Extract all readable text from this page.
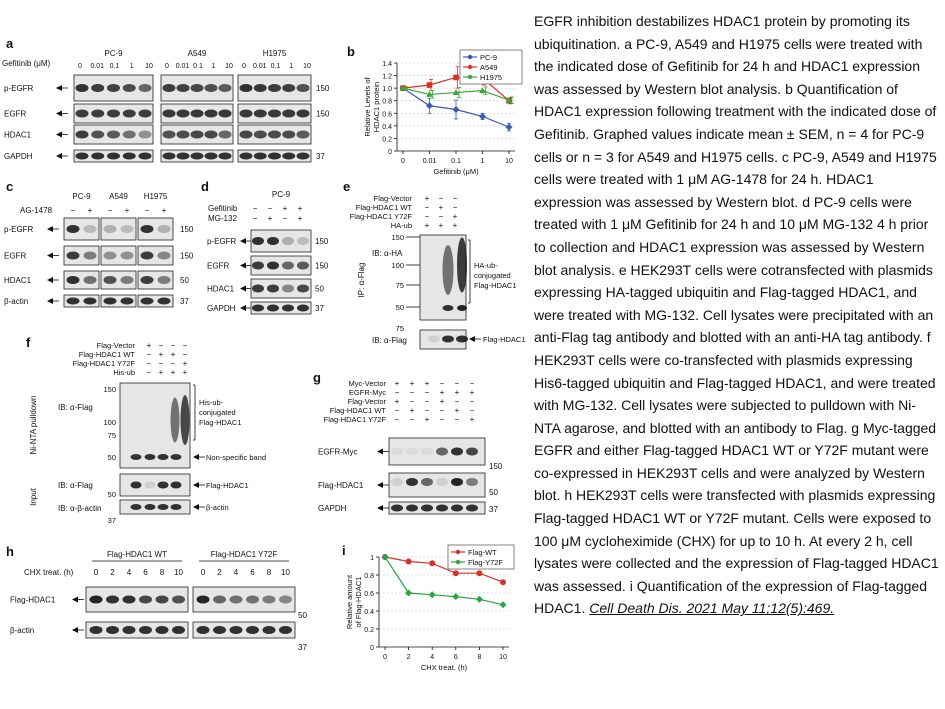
a
Gefitinib (μM)
PC-9	A549	H1975
0 0.01 0.1 1 10 0 0.01 0.1 1 10 0 0.01 0.1 1 10
p-EGFR	150
EGFR	150
HDAC1
GAPDH	37
b
0
0.2
0.4
0.6
0.8
1.0
1.2
1.4
0	0.01 0.1	1	10
Gefitinib (μM)
Relative Levels of HDAC1 protein
PC-9
A549
H1975
i
0
0.2
0.4
0.6
0.8
1
0	2	4	6	8	10
CHX treat. (h)
Relative amount of Flag-HDAC1
Flag-WT
Flag-Y72F
c
PC-9 A549 H1975
AG-1478 − + − + − +
p-EGFR	150
EGFR	150
HDAC1	50
β-actin	37
d
PC-9
Gefitinib − − + +
MG-132 − + − +
p-EGFR	150
EGFR	150
HDAC1	50
GAPDH	37
e
Flag-Vector + − −
Flag-HDAC1 WT − + −
Flag-HDAC1 Y72F − − +
HA-ub + + +
150
100
75
50
IP: α-Flag
IB: α-HA
HA-ub-
conjugated
Flag-HDAC1
75
IB: α-Flag	Flag-HDAC1
f	Flag-Vector + − − −
Flag-HDAC1 WT − + + −
Flag-HDAC1 Y72F − − − +
His-ub − + + +
150
100
75
50
Ni-NTA pulldown	IB: α-Flag
His-ub-
conjugated
Flag-HDAC1
Non-specific band
50
37
Input
IB: α-Flag
IB: α-β-actin
Flag-HDAC1
β-actin
g	Myc-Vector + + + − − −
EGFR-Myc − − − + + +
Flag-Vector + − − + − −
Flag-HDAC1 WT − + − − + −
Flag-HDAC1 Y72F − − + − − +
EGFR-Myc
150
Flag-HDAC1
50
GAPDH	37
h	Flag-HDAC1 WT
0 2 4 6 8 10
Flag-HDAC1 Y72F
0 2 4 6 8 10
CHX treat. (h)
Flag-HDAC1
50
β-actin
37
EGFR inhibition destabilizes HDAC1 protein by promoting its ubiquitination. a PC-9, A549 and H1975 cells were treated with the indicated dose of Gefitinib for 24 h and HDAC1 expression was assessed by Western blot analysis. b Quantification of HDAC1 expression following treatment with the indicated dose of Gefitinib. Graphed values indicate mean ± SEM, n = 4 for PC-9 cells or n = 3 for A549 and H1975 cells. c PC-9, A549 and H1975 cells were treated with 1 μM AG-1478 for 24 h. HDAC1 expression was assessed by Western blot. d PC-9 cells were treated with 1 μM Gefitinib for 24 h and 10 μM MG-132 4 h prior to collection and HDAC1 expression was assessed by Western blot analysis. e HEK293T cells were cotransfected with plasmids expressing HA-tagged ubiquitin and Flag-tagged HDAC1, and were treated with MG-132. Cell lysates were precipitated with an anti-Flag tag antibody and blotted with an anti-HA tag antibody. f HEK293T cells were co-transfected with plasmids expressing His6-tagged ubiquitin and Flag-tagged HDAC1, and were treated with MG-132. Cell lysates were subjected to pulldown with Ni-NTA agarose, and blotted with an antibody to Flag. g Myc-tagged EGFR and either Flag-tagged HDAC1 WT or Y72F mutant were co-expressed in HEK293T cells and were analyzed by Western blot. h HEK293T cells were transfected with plasmids expressing Flag-tagged HDAC1 WT or Y72F mutant. Cells were exposed to 100 μM cycloheximide (CHX) for up to 10 h. At every 2 h, cell lysates were collected and the expression of Flag-tagged HDAC1 was assessed. i Quantification of the expression of Flag-tagged HDAC1. Cell Death Dis. 2021 May 11;12(5):469.
